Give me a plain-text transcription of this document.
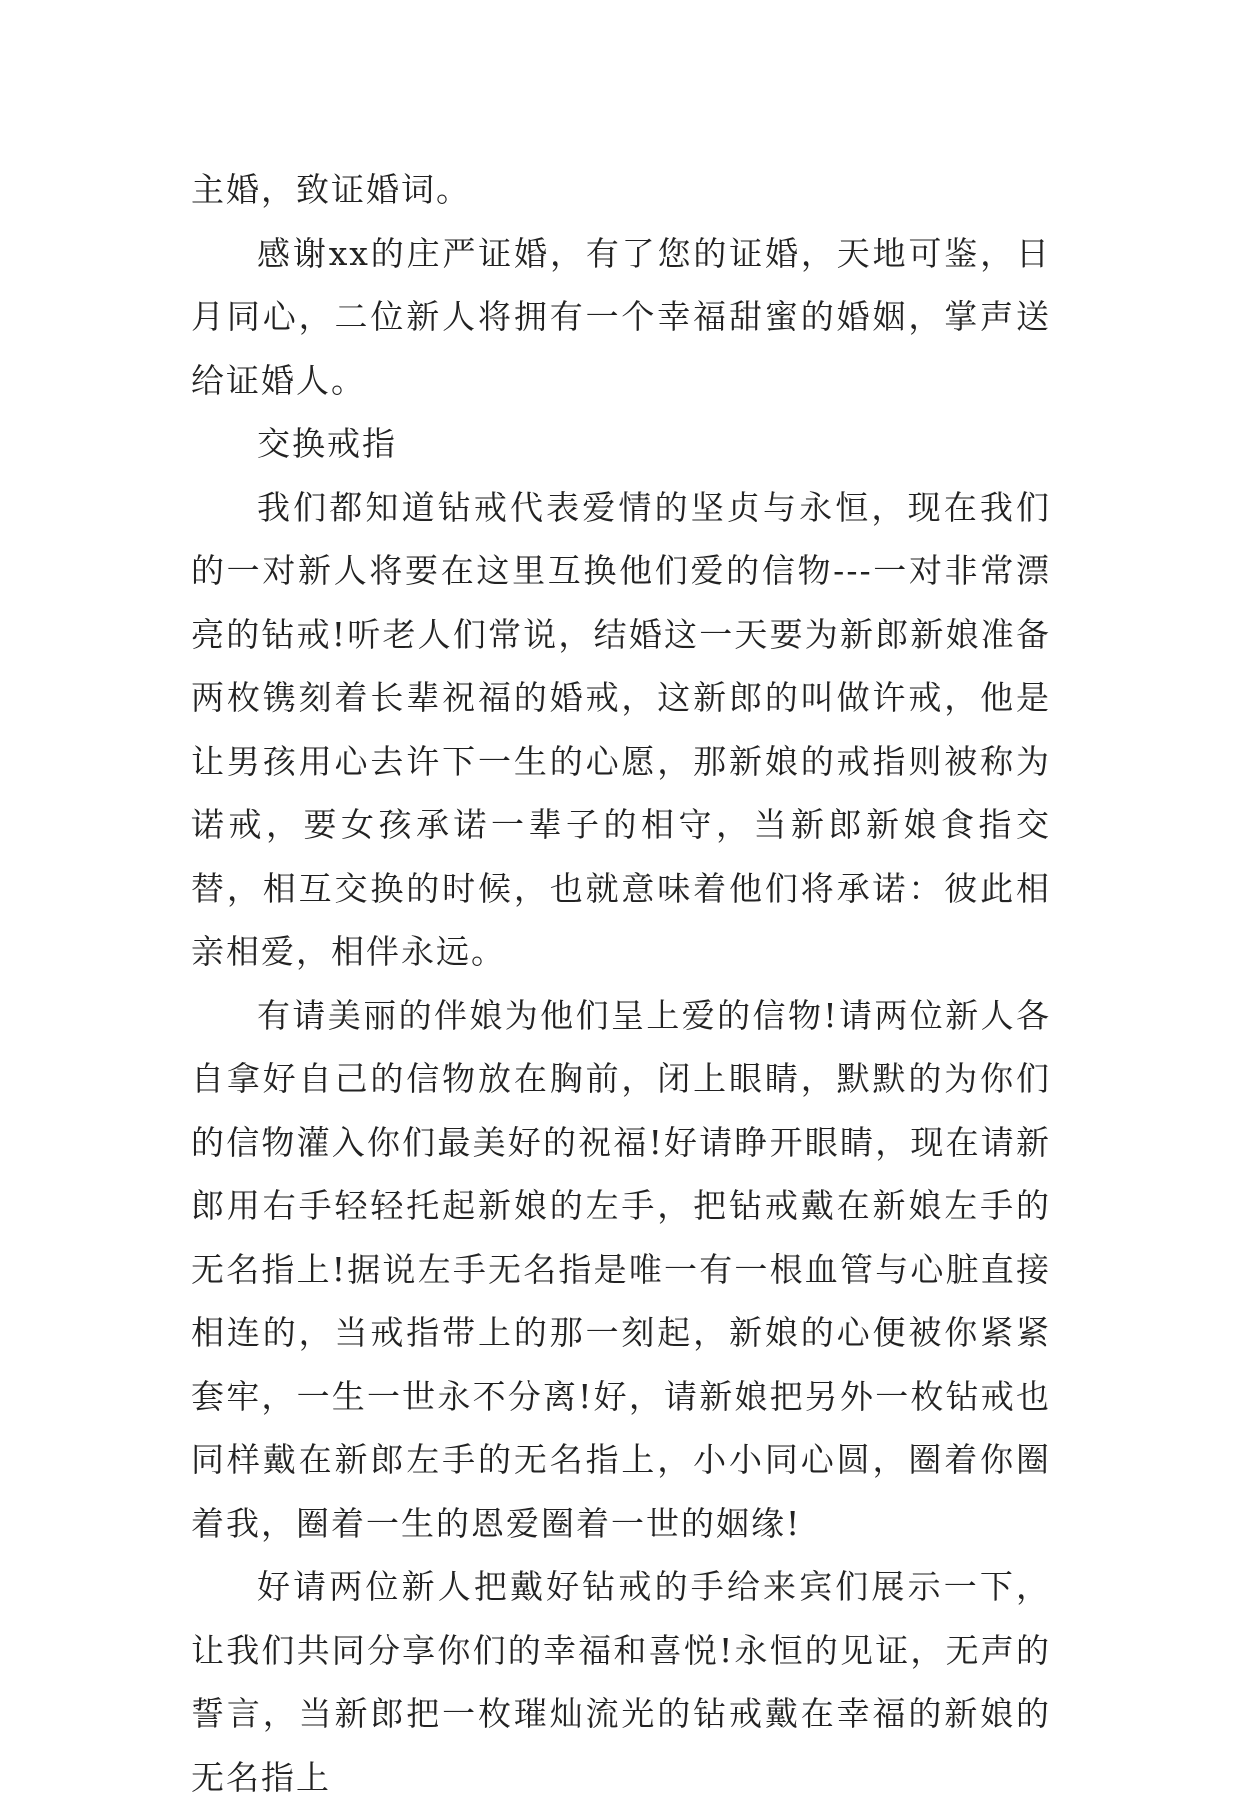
主婚，致证婚词。

感谢xx的庄严证婚，有了您的证婚，天地可鉴，日月同心，二位新人将拥有一个幸福甜蜜的婚姻，掌声送给证婚人。

交换戒指

我们都知道钻戒代表爱情的坚贞与永恒，现在我们的一对新人将要在这里互换他们爱的信物---一对非常漂亮的钻戒!听老人们常说，结婚这一天要为新郎新娘准备两枚镌刻着长辈祝福的婚戒，这新郎的叫做许戒，他是让男孩用心去许下一生的心愿，那新娘的戒指则被称为诺戒，要女孩承诺一辈子的相守，当新郎新娘食指交替，相互交换的时候，也就意味着他们将承诺：彼此相亲相爱，相伴永远。

有请美丽的伴娘为他们呈上爱的信物!请两位新人各自拿好自己的信物放在胸前，闭上眼睛，默默的为你们的信物灌入你们最美好的祝福!好请睁开眼睛，现在请新郎用右手轻轻托起新娘的左手，把钻戒戴在新娘左手的无名指上!据说左手无名指是唯一有一根血管与心脏直接相连的，当戒指带上的那一刻起，新娘的心便被你紧紧套牢，一生一世永不分离!好，请新娘把另外一枚钻戒也同样戴在新郎左手的无名指上，小小同心圆，圈着你圈着我，圈着一生的恩爱圈着一世的姻缘!

好请两位新人把戴好钻戒的手给来宾们展示一下，让我们共同分享你们的幸福和喜悦!永恒的见证，无声的誓言，当新郎把一枚璀灿流光的钻戒戴在幸福的新娘的无名指上
